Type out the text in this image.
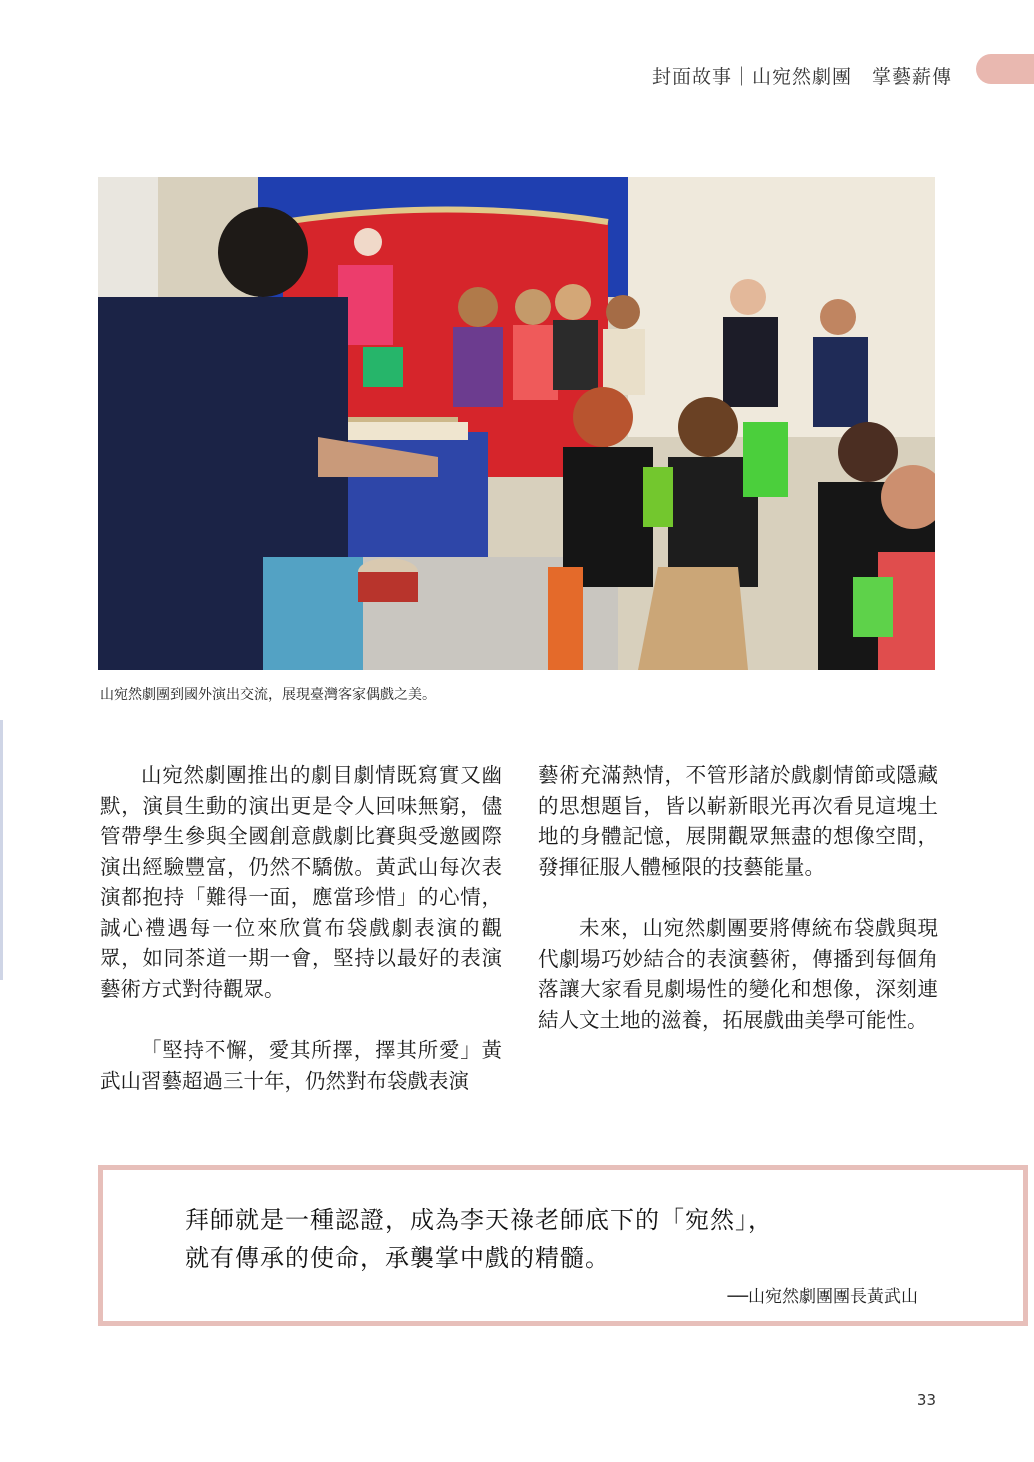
封面故事｜山宛然劇團　掌藝薪傳
山宛然劇團到國外演出交流，展現臺灣客家偶戲之美。

山宛然劇團推出的劇目劇情既寫實又幽默，演員生動的演出更是令人回味無窮，儘管帶學生參與全國創意戲劇比賽與受邀國際演出經驗豐富，仍然不驕傲。黃武山每次表演都抱持「難得一面，應當珍惜」的心情，誠心禮遇每一位來欣賞布袋戲劇表演的觀眾，如同茶道一期一會，堅持以最好的表演藝術方式對待觀眾。

「堅持不懈，愛其所擇，擇其所愛」黃武山習藝超過三十年，仍然對布袋戲表演

藝術充滿熱情，不管形諸於戲劇情節或隱藏的思想題旨，皆以嶄新眼光再次看見這塊土地的身體記憶，展開觀眾無盡的想像空間，發揮征服人體極限的技藝能量。

未來，山宛然劇團要將傳統布袋戲與現代劇場巧妙結合的表演藝術，傳播到每個角落讓大家看見劇場性的變化和想像，深刻連結人文土地的滋養，拓展戲曲美學可能性。

拜師就是一種認證，成為李天祿老師底下的「宛然」，
就有傳承的使命，承襲掌中戲的精髓。
──山宛然劇團團長黃武山
33
